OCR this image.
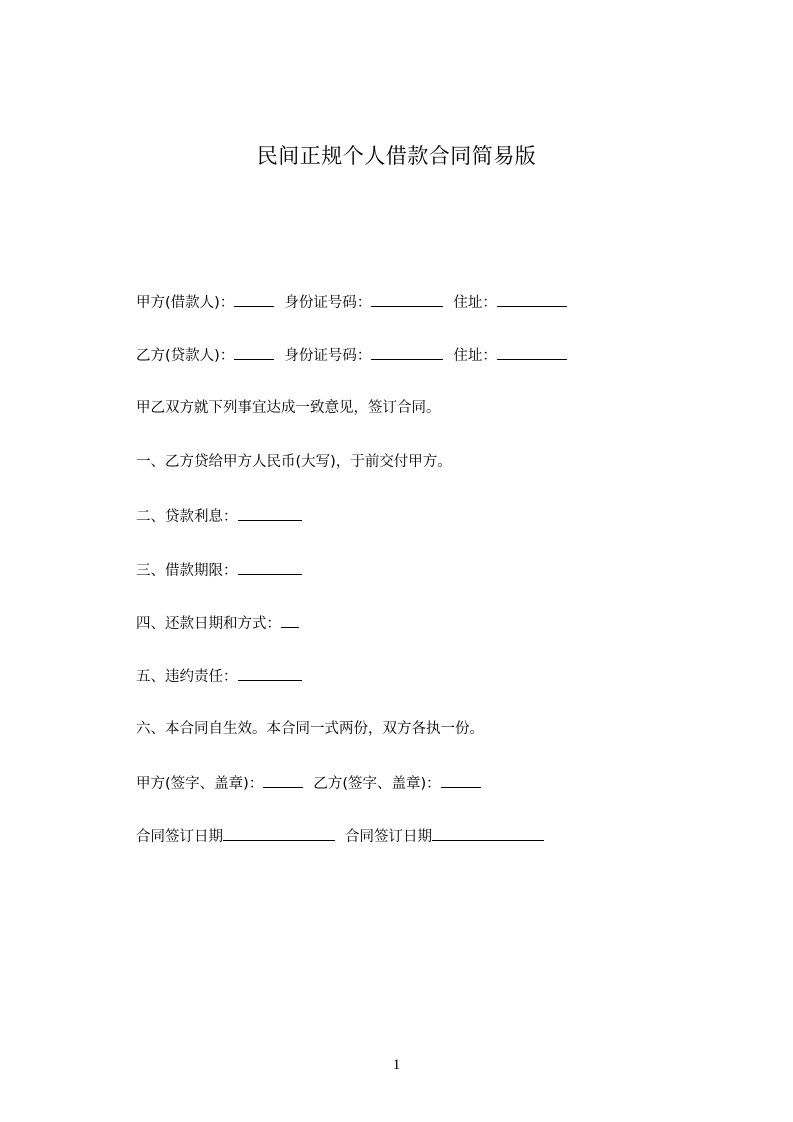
民间正规个人借款合同简易版
甲方(借款人)：	身份证号码：	住址：
乙方(贷款人)：	身份证号码：	住址：
甲乙双方就下列事宜达成一致意见，签订合同。
一、乙方贷给甲方人民币(大写)，于前交付甲方。
二、贷款利息：
三、借款期限：
四、还款日期和方式：
五、违约责任：
六、本合同自生效。本合同一式两份，双方各执一份。
甲方(签字、盖章)：	乙方(签字、盖章)：
合同签订日期	合同签订日期
1
